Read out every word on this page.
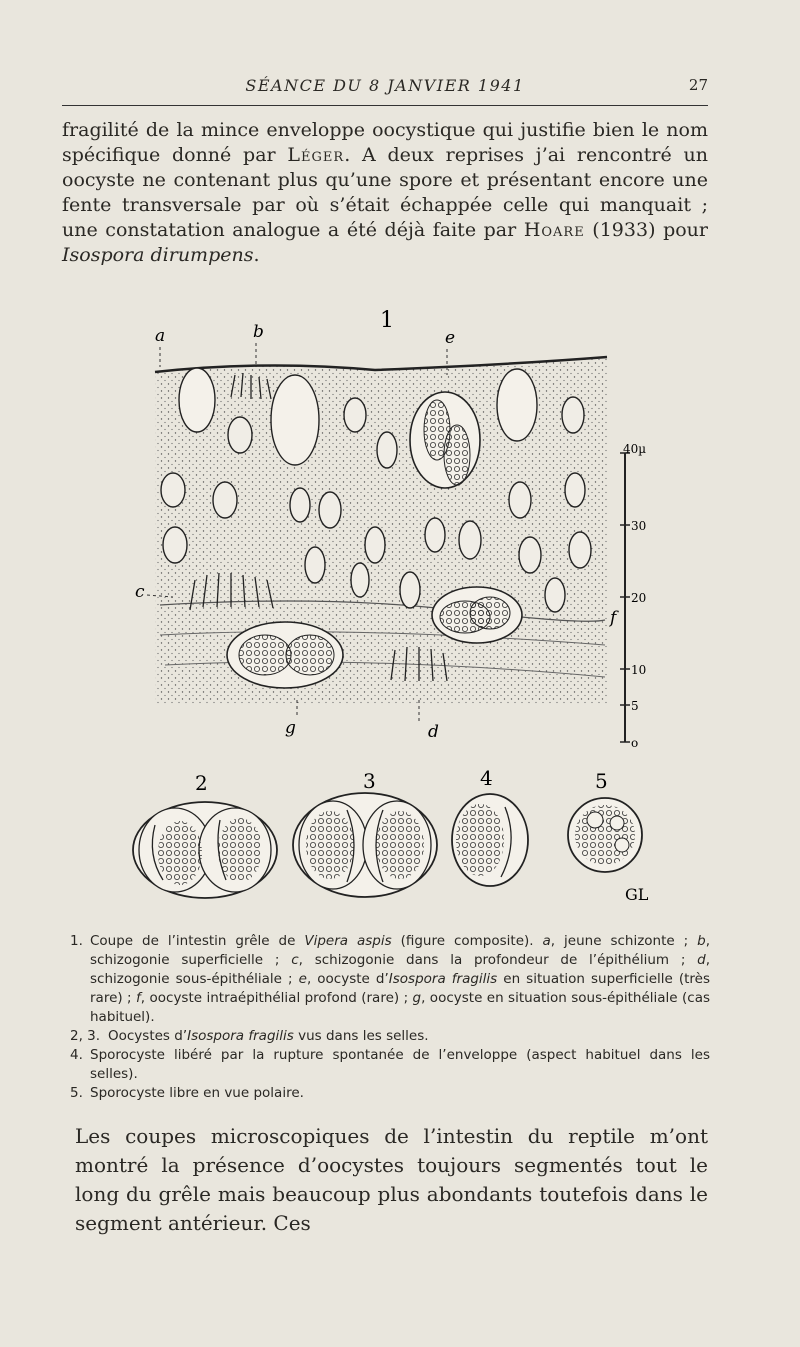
SÉANCE DU 8 JANVIER 1941	27
fragilité de la mince enveloppe oocystique qui justifie bien le nom spécifique donné par Léger. A deux reprises j’ai rencontré un oocyste ne contenant plus qu’une spore et présentant encore une fente transversale par où s’était échappée celle qui manquait ; une constatation analogue a été déjà faite par Hoare (1933) pour Isospora dirumpens.
1
a	b	e
c
f
g	d
40µ
30
20
10
5
o
2	3	4	5
GL
1. Coupe de l’intestin grêle de Vipera aspis (figure composite). a, jeune schizonte ; b, schizogonie superficielle ; c, schizogonie dans la profondeur de l’épithélium ; d, schizogonie sous-épithéliale ; e, oocyste d’Isospora fragilis en situation superficielle (très rare) ; f, oocyste intraépithélial profond (rare) ; g, oocyste en situation sous-épithéliale (cas habituel).
2, 3. Oocystes d’Isospora fragilis vus dans les selles.
4. Sporocyste libéré par la rupture spontanée de l’enveloppe (aspect habituel dans les selles).
5. Sporocyste libre en vue polaire.
Les coupes microscopiques de l’intestin du reptile m’ont montré la présence d’oocystes toujours segmentés tout le long du grêle mais beaucoup plus abondants toutefois dans le segment antérieur. Ces
